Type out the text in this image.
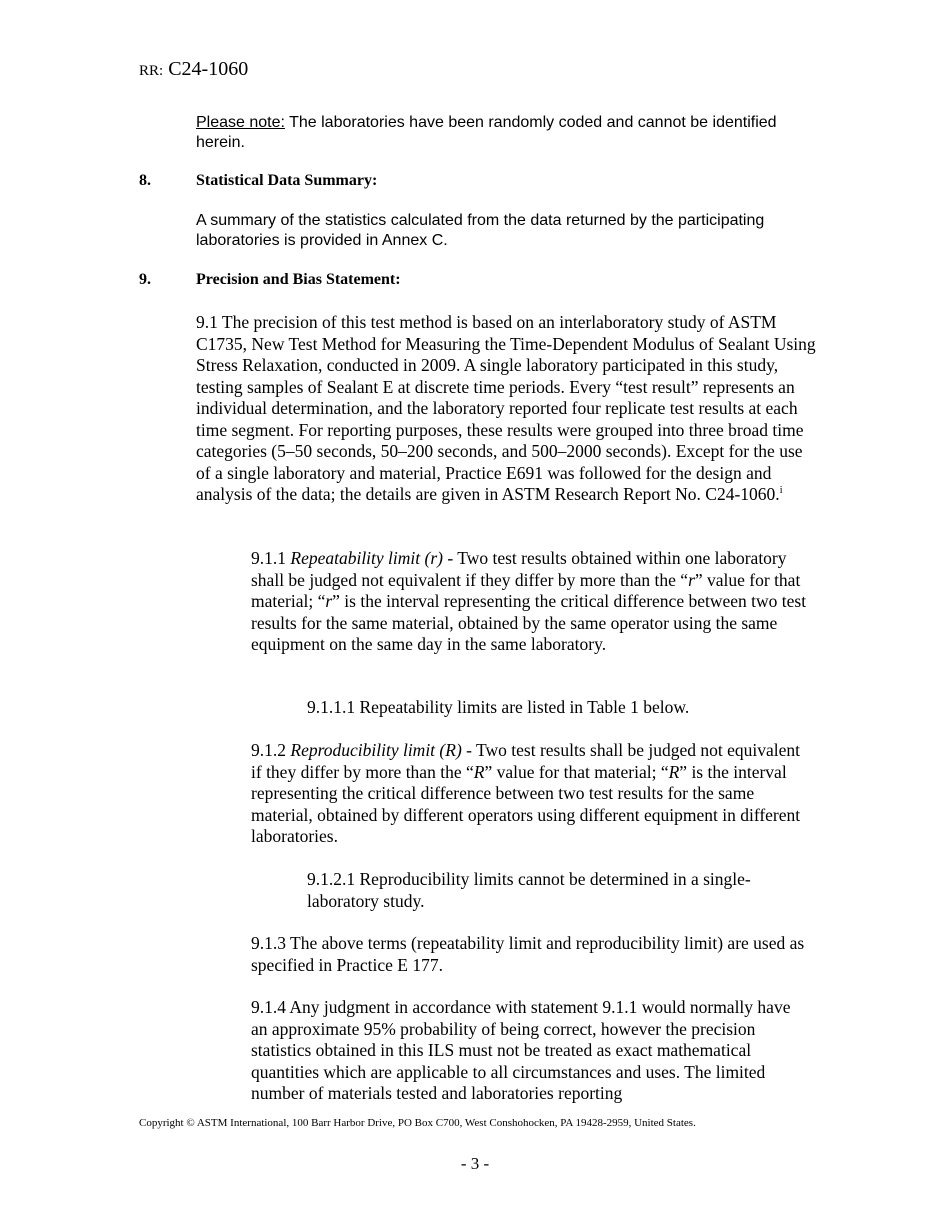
RR: C24-1060
Please note: The laboratories have been randomly coded and cannot be identified herein.
8.	Statistical Data Summary:
A summary of the statistics calculated from the data returned by the participating laboratories is provided in Annex C.
9.	Precision and Bias Statement:
9.1 The precision of this test method is based on an interlaboratory study of ASTM C1735, New Test Method for Measuring the Time-Dependent Modulus of Sealant Using Stress Relaxation, conducted in 2009. A single laboratory participated in this study, testing samples of Sealant E at discrete time periods. Every “test result” represents an individual determination, and the laboratory reported four replicate test results at each time segment. For reporting purposes, these results were grouped into three broad time categories (5–50 seconds, 50–200 seconds, and 500–2000 seconds). Except for the use of a single laboratory and material, Practice E691 was followed for the design and analysis of the data; the details are given in ASTM Research Report No. C24-1060.$^i$
9.1.1 Repeatability limit (r) - Two test results obtained within one laboratory shall be judged not equivalent if they differ by more than the “r” value for that material; “r” is the interval representing the critical difference between two test results for the same material, obtained by the same operator using the same equipment on the same day in the same laboratory.
9.1.1.1 Repeatability limits are listed in Table 1 below.
9.1.2 Reproducibility limit (R) - Two test results shall be judged not equivalent if they differ by more than the “R” value for that material; “R” is the interval representing the critical difference between two test results for the same material, obtained by different operators using different equipment in different laboratories.
9.1.2.1 Reproducibility limits cannot be determined in a single-laboratory study.
9.1.3 The above terms (repeatability limit and reproducibility limit) are used as specified in Practice E 177.
9.1.4 Any judgment in accordance with statement 9.1.1 would normally have an approximate 95% probability of being correct, however the precision statistics obtained in this ILS must not be treated as exact mathematical quantities which are applicable to all circumstances and uses. The limited number of materials tested and laboratories reporting
Copyright © ASTM International, 100 Barr Harbor Drive, PO Box C700, West Conshohocken, PA 19428-2959, United States.
- 3 -
